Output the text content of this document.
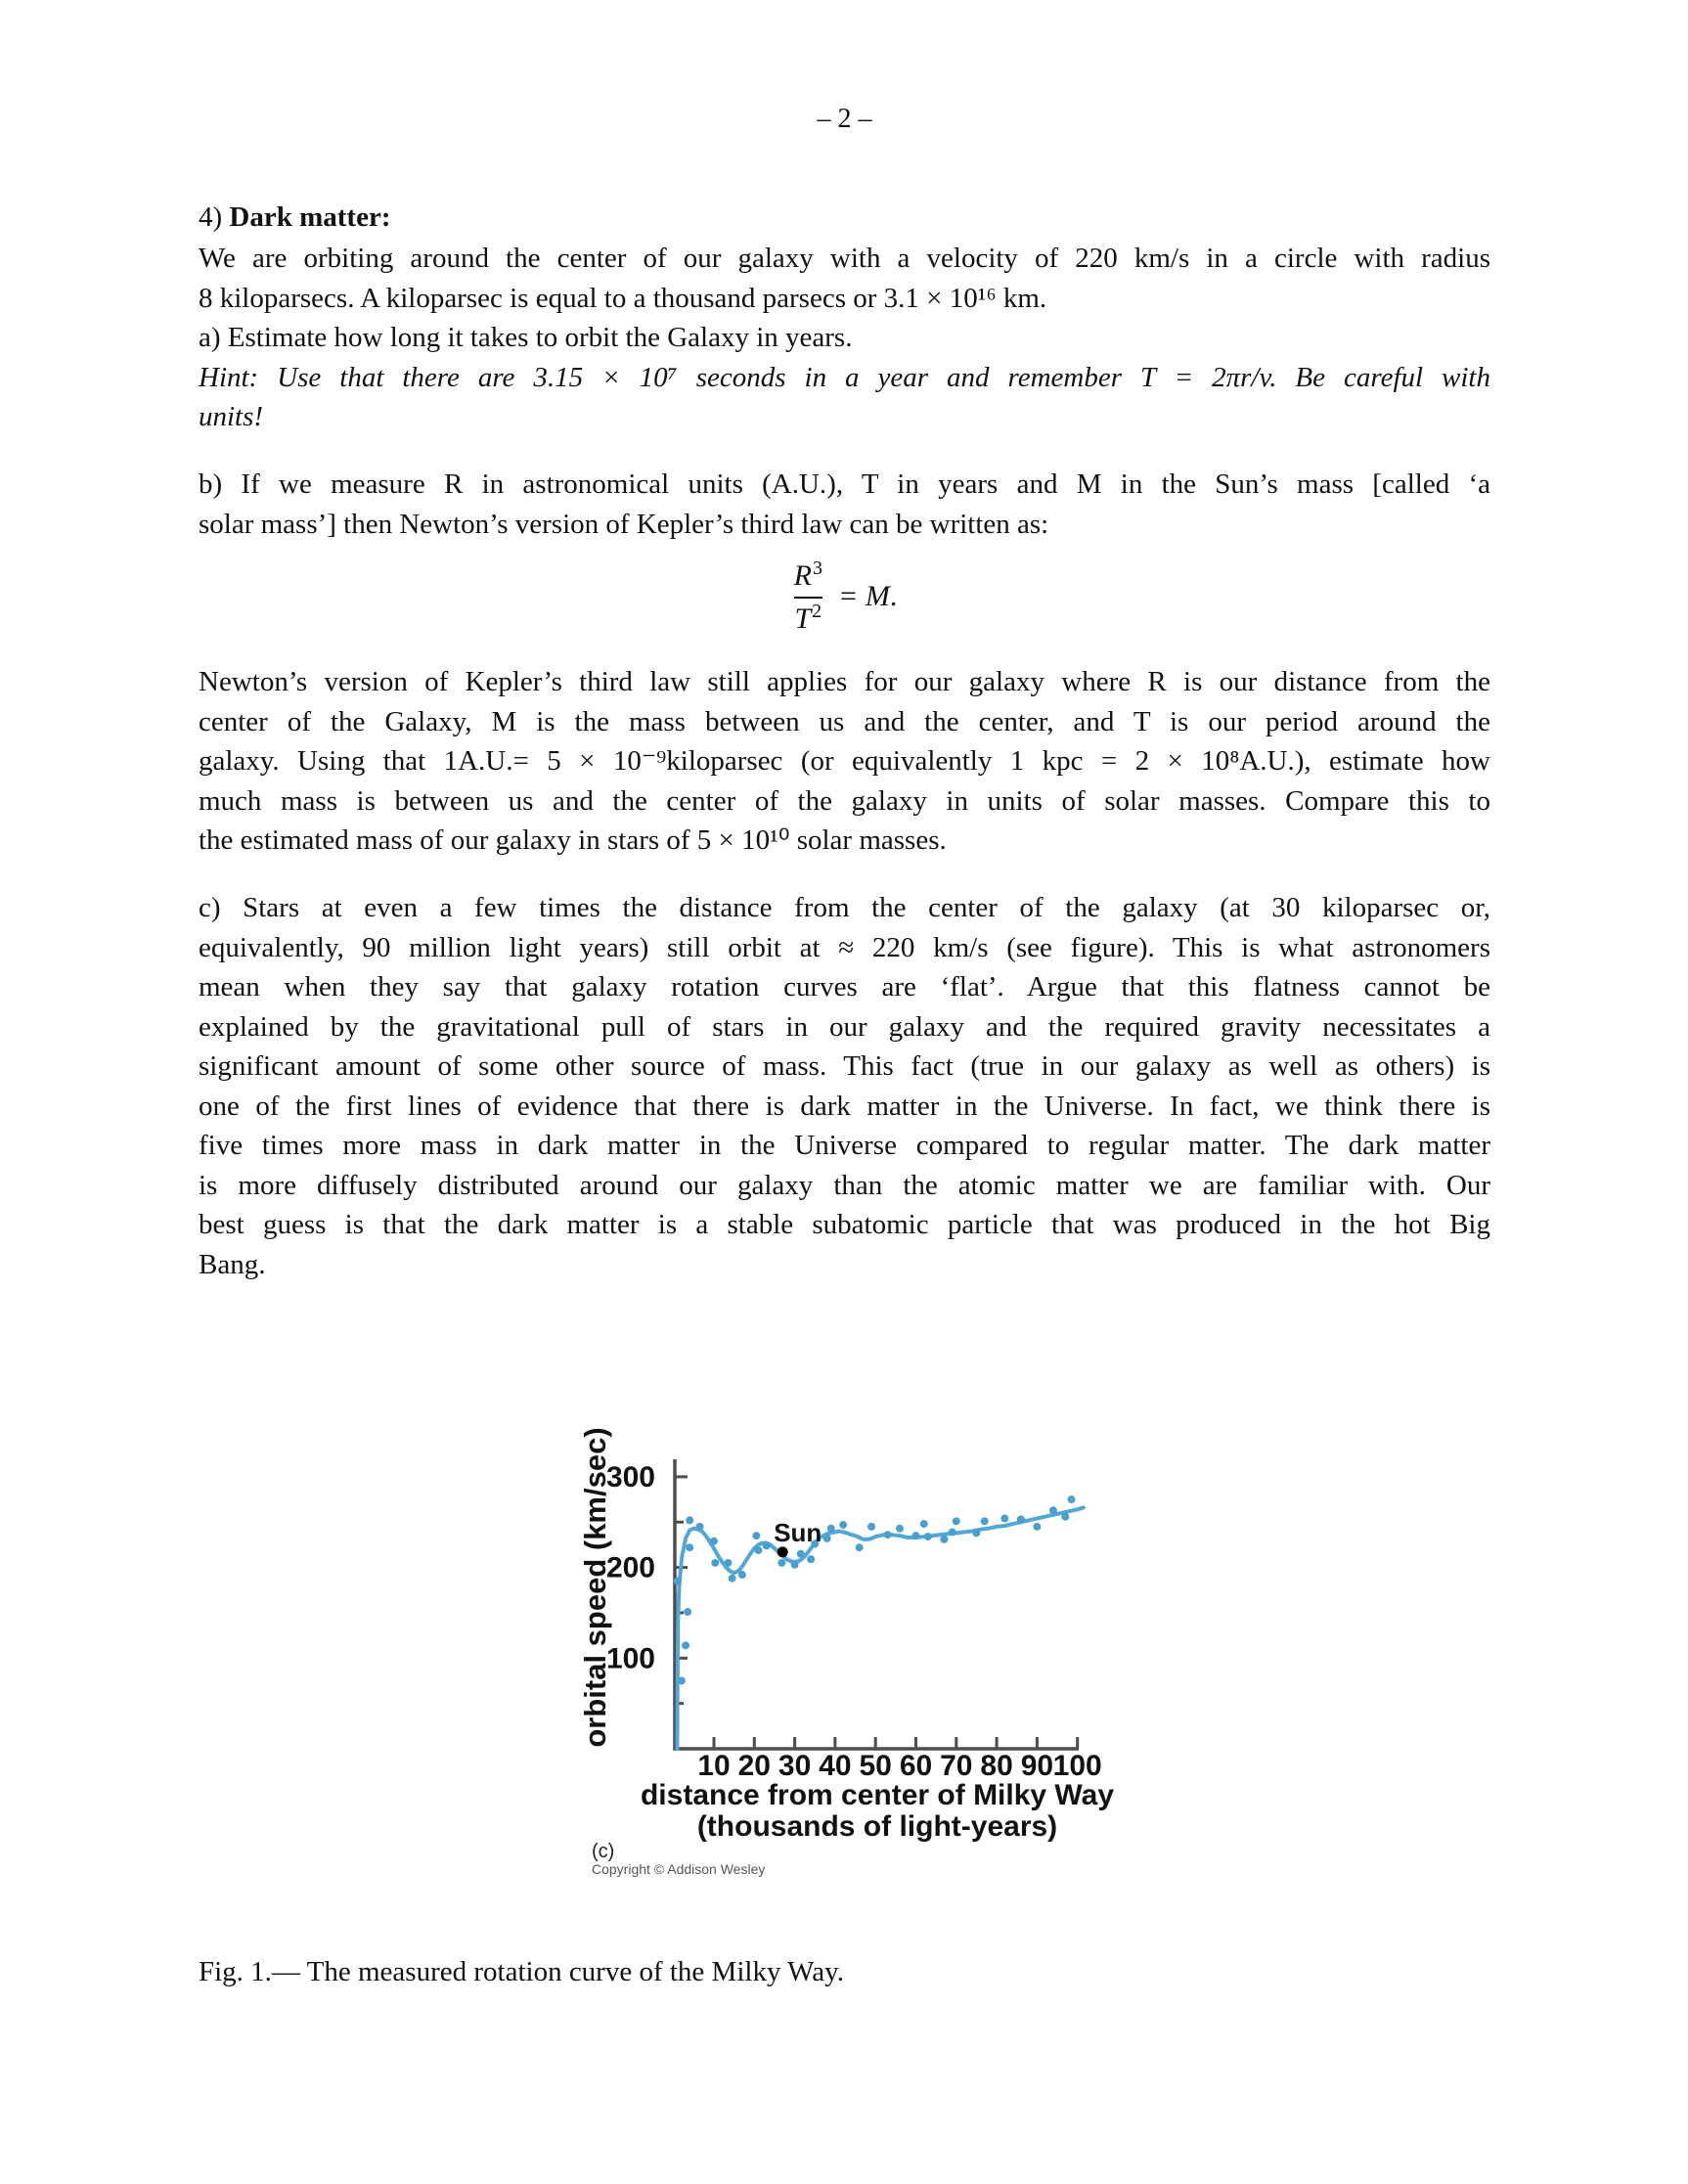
– 2 –
4) Dark matter:
We are orbiting around the center of our galaxy with a velocity of 220 km/s in a circle with radius
8 kiloparsecs. A kiloparsec is equal to a thousand parsecs or 3.1 × 10¹⁶ km.
a) Estimate how long it takes to orbit the Galaxy in years.
Hint: Use that there are 3.15 × 10⁷ seconds in a year and remember T = 2πr/v. Be careful with
units!
b) If we measure R in astronomical units (A.U.), T in years and M in the Sun’s mass [called ‘a
solar mass’] then Newton’s version of Kepler’s third law can be written as:
$\frac{R^3}{T^2} = M$.
Newton’s version of Kepler’s third law still applies for our galaxy where R is our distance from the
center of the Galaxy, M is the mass between us and the center, and T is our period around the
galaxy. Using that 1A.U.= 5 × 10⁻⁹kiloparsec (or equivalently 1 kpc = 2 × 10⁸A.U.), estimate how
much mass is between us and the center of the galaxy in units of solar masses. Compare this to
the estimated mass of our galaxy in stars of 5 × 10¹⁰ solar masses.
c) Stars at even a few times the distance from the center of the galaxy (at 30 kiloparsec or,
equivalently, 90 million light years) still orbit at ≈ 220 km/s (see figure). This is what astronomers
mean when they say that galaxy rotation curves are ‘flat’. Argue that this flatness cannot be
explained by the gravitational pull of stars in our galaxy and the required gravity necessitates a
significant amount of some other source of mass. This fact (true in our galaxy as well as others) is
one of the first lines of evidence that there is dark matter in the Universe. In fact, we think there is
five times more mass in dark matter in the Universe compared to regular matter. The dark matter
is more diffusely distributed around our galaxy than the atomic matter we are familiar with. Our
best guess is that the dark matter is a stable subatomic particle that was produced in the hot Big
Bang.
10 20 30 40 50 60 70 80 90 100
100
200
300
Sun
orbital speed (km/sec)
distance from center of Milky Way
(thousands of light-years)
(c)
Copyright © Addison Wesley
Fig. 1.— The measured rotation curve of the Milky Way.
